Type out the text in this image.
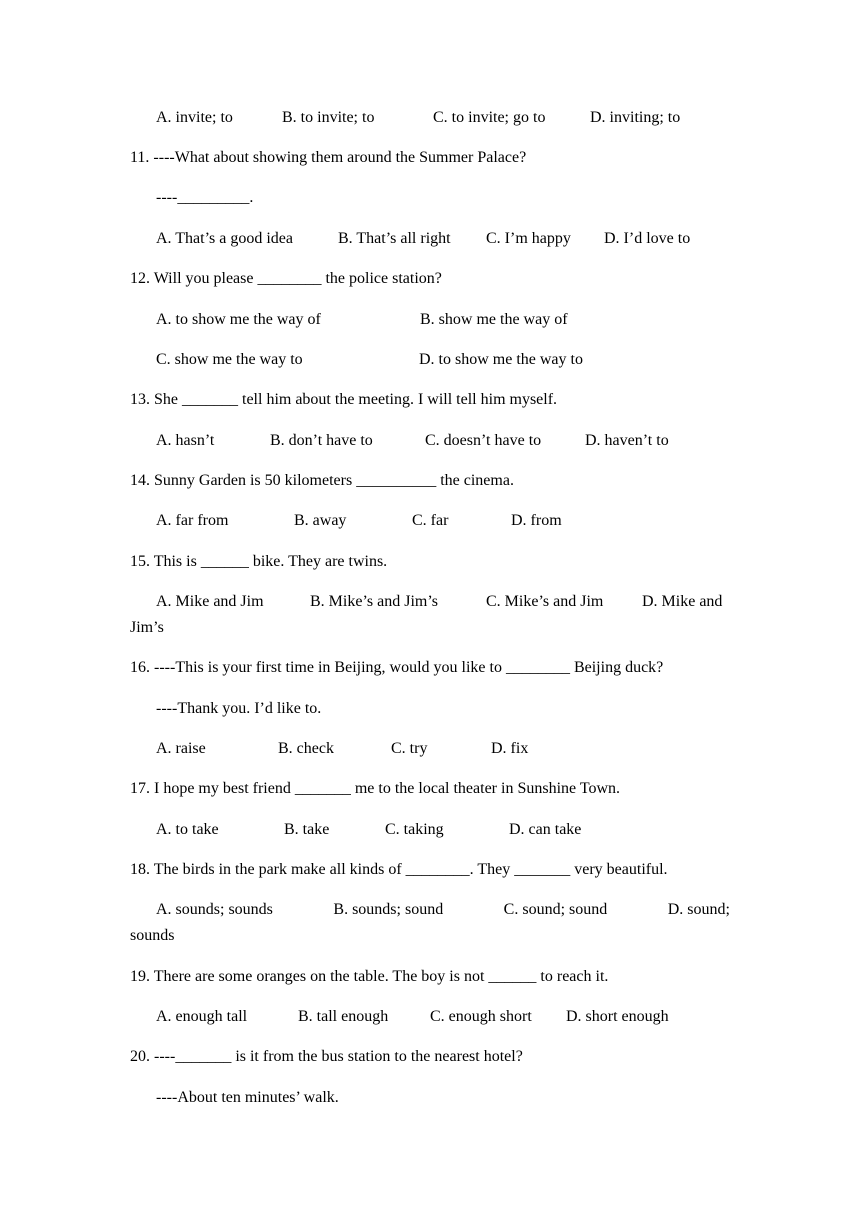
A. invite; to	B. to invite; to	C. to invite; go to	D. inviting; to
11. ----What about showing them around the Summer Palace?
----_________.
A. That’s a good idea	B. That’s all right C. I’m happy D. I’d love to
12. Will you please ________ the police station?
A. to show me the way of	B. show me the way of
C. show me the way to	D. to show me the way to
13. She _______ tell him about the meeting. I will tell him myself.
A. hasn’t	B. don’t have to	C. doesn’t have to	D. haven’t to
14. Sunny Garden is 50 kilometers __________ the cinema.
A. far from	B. away	C. far	D. from
15. This is ______ bike. They are twins.
A. Mike and Jim	B. Mike’s and Jim’s	C. Mike’s and Jim D. Mike and
Jim’s
16. ----This is your first time in Beijing, would you like to ________ Beijing duck?
----Thank you. I’d like to.
A. raise	B. check	C. try	D. fix
17. I hope my best friend _______ me to the local theater in Sunshine Town.
A. to take	B. take	C. taking	D. can take
18. The birds in the park make all kinds of ________. They _______ very beautiful.
A. sounds; sounds	B. sounds; sound	C. sound; sound	D. sound;
sounds
19. There are some oranges on the table. The boy is not ______ to reach it.
A. enough tall	B. tall enough	C. enough short D. short enough
20. ----_______ is it from the bus station to the nearest hotel?
----About ten minutes’ walk.
